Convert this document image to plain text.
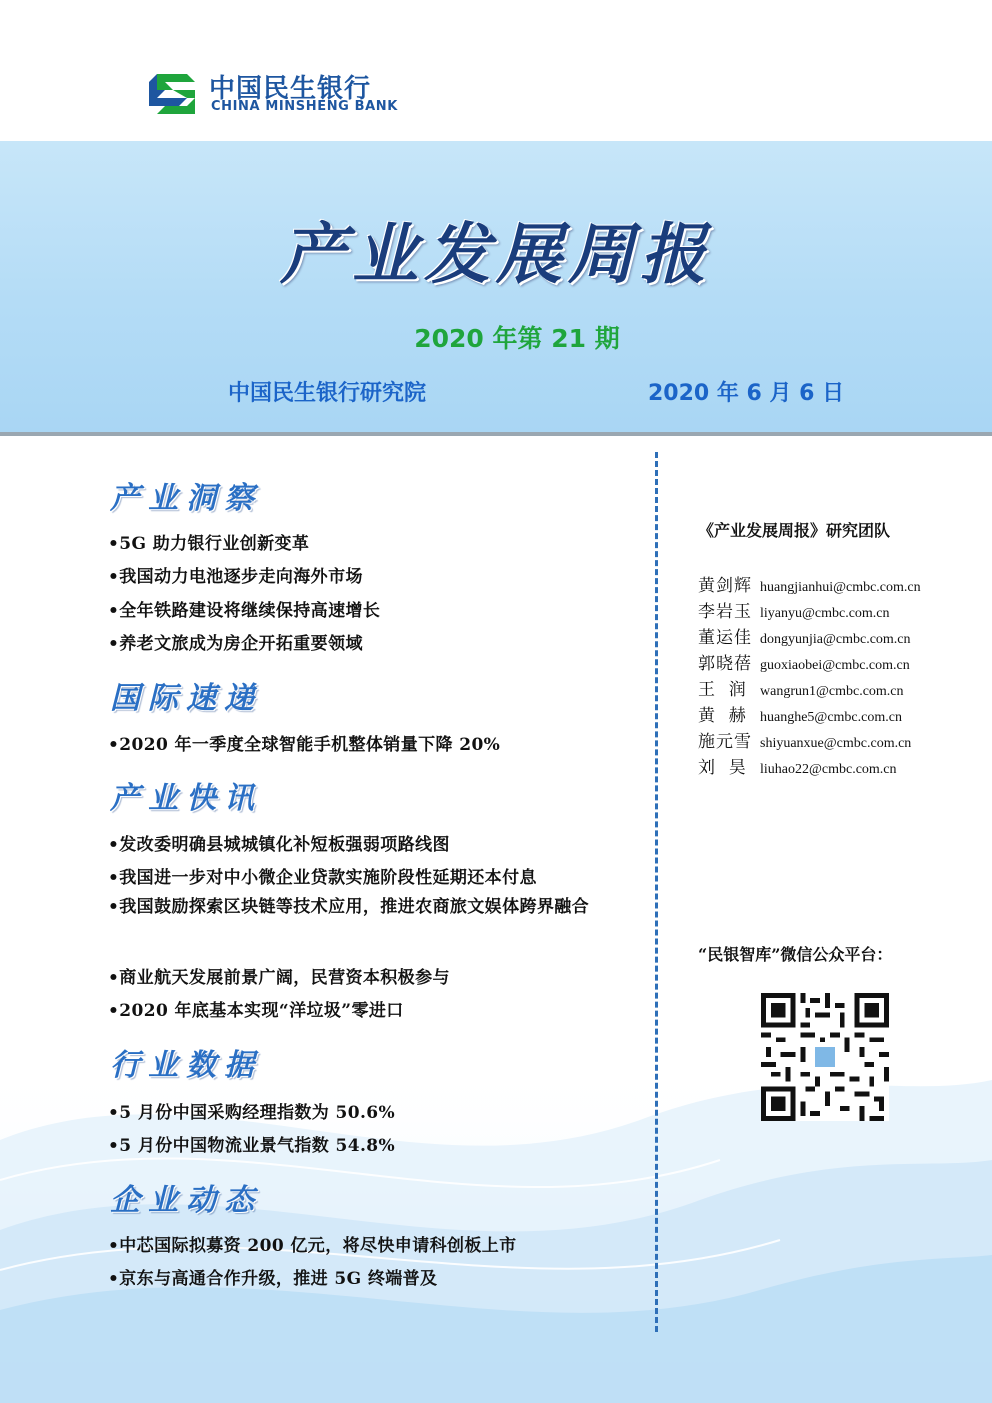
中国民生银行
CHINA MINSHENG BANK
产业发展周报
2020 年第 21 期
中国民生银行研究院	2020 年 6 月 6 日
产业洞察
•5G 助力银行业创新变革
•我国动力电池逐步走向海外市场
•全年铁路建设将继续保持高速增长
•养老文旅成为房企开拓重要领域
国际速递
•2020 年一季度全球智能手机整体销量下降 20%
产业快讯
•发改委明确县城城镇化补短板强弱项路线图
•我国进一步对中小微企业贷款实施阶段性延期还本付息
•我国鼓励探索区块链等技术应用，推进农商旅文娱体跨界融合
•商业航天发展前景广阔，民营资本积极参与
•2020 年底基本实现“洋垃圾”零进口
行业数据
•5 月份中国采购经理指数为 50.6%
•5 月份中国物流业景气指数 54.8%
企业动态
•中芯国际拟募资 200 亿元，将尽快申请科创板上市
•京东与高通合作升级，推进 5G 终端普及
《产业发展周报》研究团队
黄剑辉 huangjianhui@cmbc.com.cn
李岩玉 liyanyu@cmbc.com.cn
董运佳 dongyunjia@cmbc.com.cn
郭晓蓓 guoxiaobei@cmbc.com.cn
王  润 wangrun1@cmbc.com.cn
黄  赫 huanghe5@cmbc.com.cn
施元雪 shiyuanxue@cmbc.com.cn
刘  昊 liuhao22@cmbc.com.cn
“民银智库”微信公众平台：
